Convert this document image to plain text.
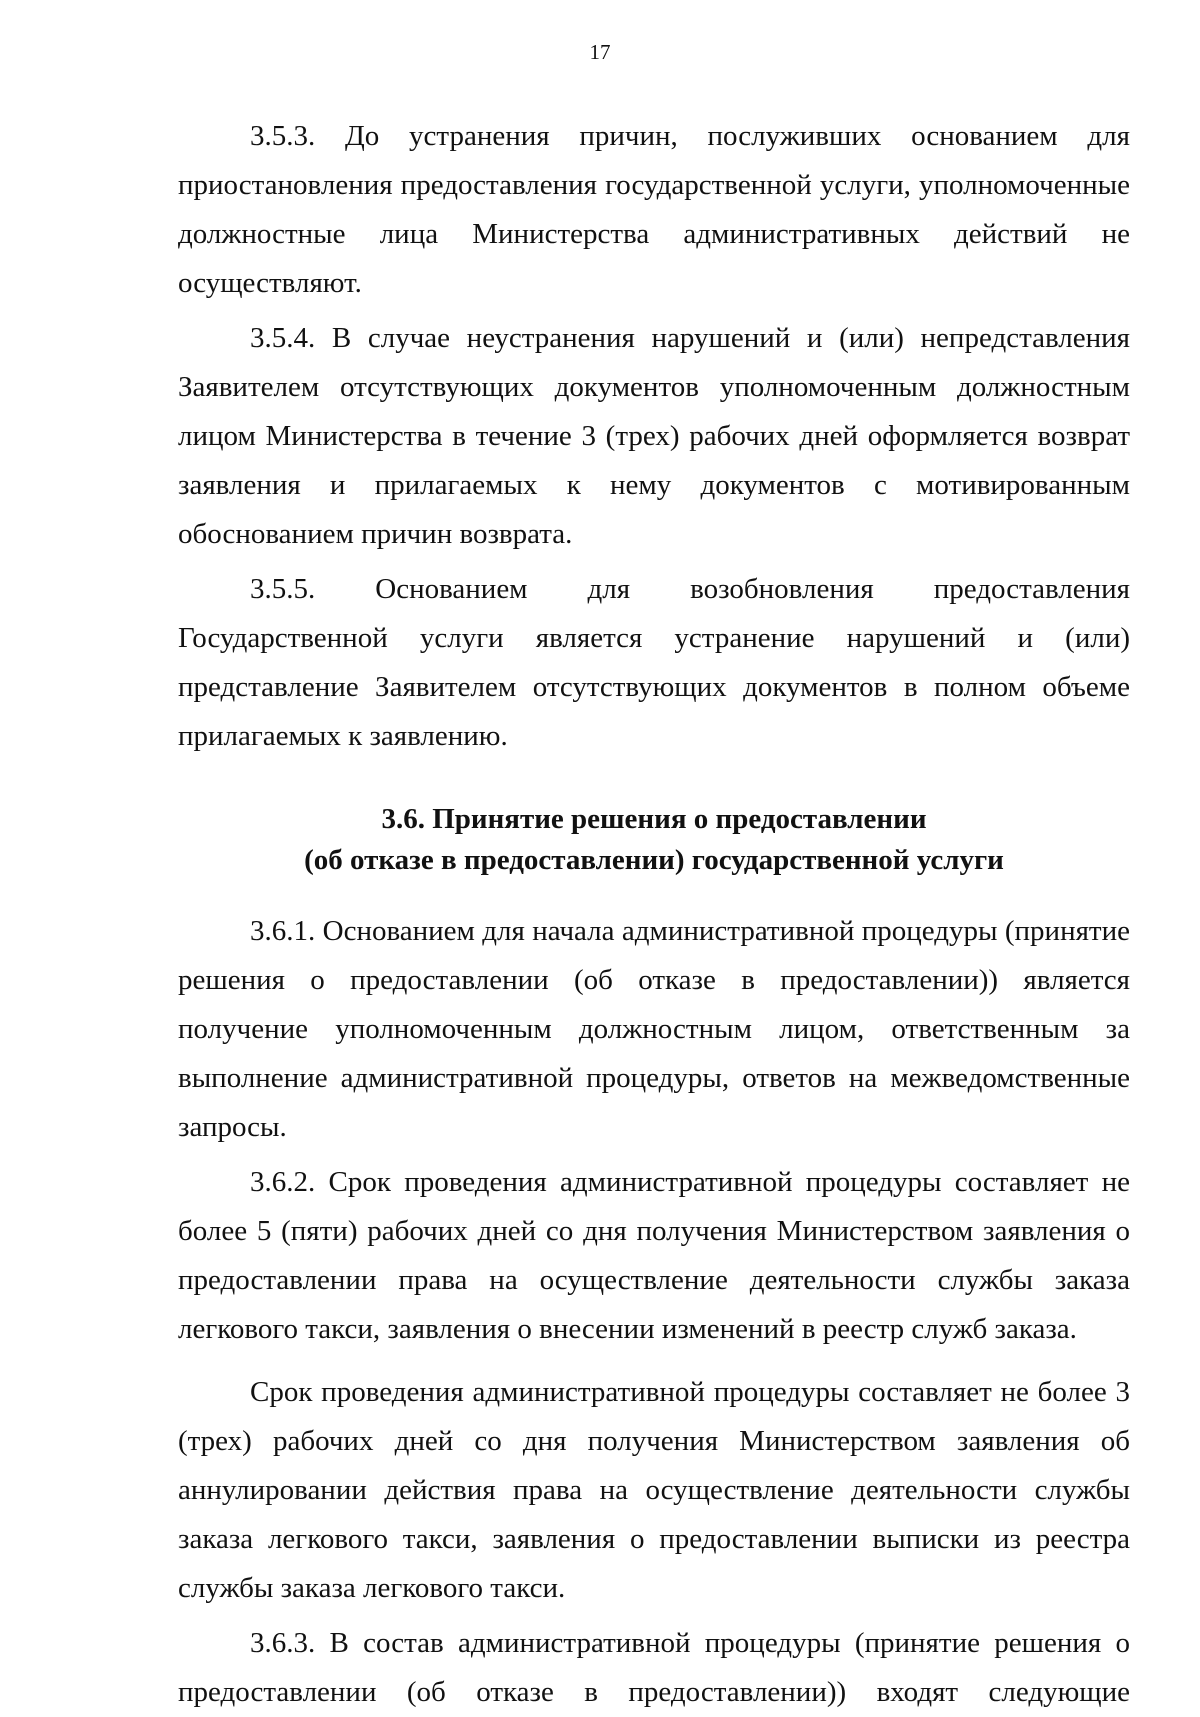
17

3.5.3. До устранения причин, послуживших основанием для приостановления предоставления государственной услуги, уполномоченные должностные лица Министерства административных действий не осуществляют.

3.5.4. В случае неустранения нарушений и (или) непредставления Заявителем отсутствующих документов уполномоченным должностным лицом Министерства в течение 3 (трех) рабочих дней оформляется возврат заявления и прилагаемых к нему документов с мотивированным обоснованием причин возврата.

3.5.5. Основанием для возобновления предоставления Государственной услуги является устранение нарушений и (или) представление Заявителем отсутствующих документов в полном объеме прилагаемых к заявлению.

3.6. Принятие решения о предоставлении
(об отказе в предоставлении) государственной услуги

3.6.1. Основанием для начала административной процедуры (принятие решения о предоставлении (об отказе в предоставлении)) является получение уполномоченным должностным лицом, ответственным за выполнение административной процедуры, ответов на межведомственные запросы.

3.6.2. Срок проведения административной процедуры составляет не более 5 (пяти) рабочих дней со дня получения Министерством заявления о предоставлении права на осуществление деятельности службы заказа легкового такси, заявления о внесении изменений в реестр служб заказа.

Срок проведения административной процедуры составляет не более 3 (трех) рабочих дней со дня получения Министерством заявления об аннулировании действия права на осуществление деятельности службы заказа легкового такси, заявления о предоставлении выписки из реестра службы заказа легкового такси.

3.6.3. В состав административной процедуры (принятие решения о предоставлении (об отказе в предоставлении)) входят следующие
